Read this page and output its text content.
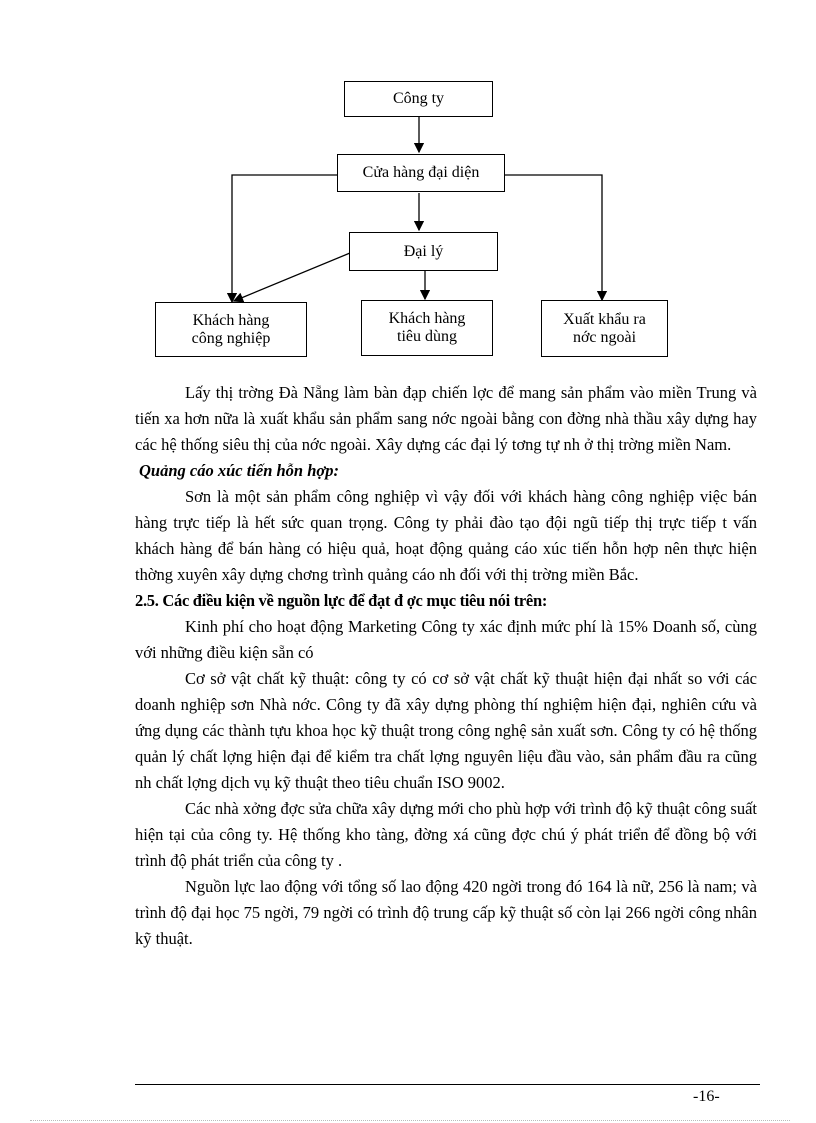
Công ty
Cửa hàng đại diện
Đại lý
Khách hàng
công nghiệp
Khách hàng
tiêu dùng
Xuất khẩu ra
nớc ngoài

Lấy thị trờng Đà Nẵng làm bàn đạp chiến lợc để mang sản phẩm vào miền Trung và tiến xa hơn nữa là xuất khẩu sản phẩm sang nớc ngoài bằng con đờng nhà thầu xây dựng hay các hệ thống siêu thị của nớc ngoài. Xây dựng các đại lý tơng tự nh ở thị trờng miền Nam.

Quảng cáo xúc tiến hỗn hợp:

Sơn là một sản phẩm công nghiệp vì vậy đối với khách hàng công nghiệp việc bán hàng trực tiếp là hết sức quan trọng. Công ty phải đào tạo đội ngũ tiếp thị trực tiếp t vấn khách hàng để bán hàng có hiệu quả, hoạt động quảng cáo xúc tiến hỗn hợp nên thực hiện thờng xuyên xây dựng chơng trình quảng cáo nh đối với thị trờng miền Bắc.

2.5. Các điều kiện về nguồn lực để đạt đ ợc mục tiêu nói trên:

Kinh phí cho hoạt động Marketing Công ty xác định mức phí là 15% Doanh số, cùng với những điều kiện sẵn có

Cơ sở vật chất kỹ thuật: công ty có cơ sở vật chất kỹ thuật hiện đại nhất so với các doanh nghiệp sơn Nhà nớc. Công ty đã xây dựng phòng thí nghiệm hiện đại, nghiên cứu và ứng dụng các thành tựu khoa học kỹ thuật trong công nghệ sản xuất sơn. Công ty có hệ thống quản lý chất lợng hiện đại để kiểm tra chất lợng nguyên liệu đầu vào, sản phẩm đầu ra cũng nh chất lợng dịch vụ kỹ thuật theo tiêu chuẩn ISO 9002.

Các nhà xởng đợc sửa chữa xây dựng mới cho phù hợp với trình độ kỹ thuật công suất hiện tại của công ty. Hệ thống kho tàng, đờng xá cũng đợc chú ý phát triển để đồng bộ với trình độ phát triển của công ty .

Nguồn lực lao động với tổng số lao động 420 ngời trong đó 164 là nữ, 256 là nam; và trình độ đại học 75 ngời, 79 ngời có trình độ trung cấp kỹ thuật số còn lại 266 ngời công nhân kỹ thuật.

-16-
